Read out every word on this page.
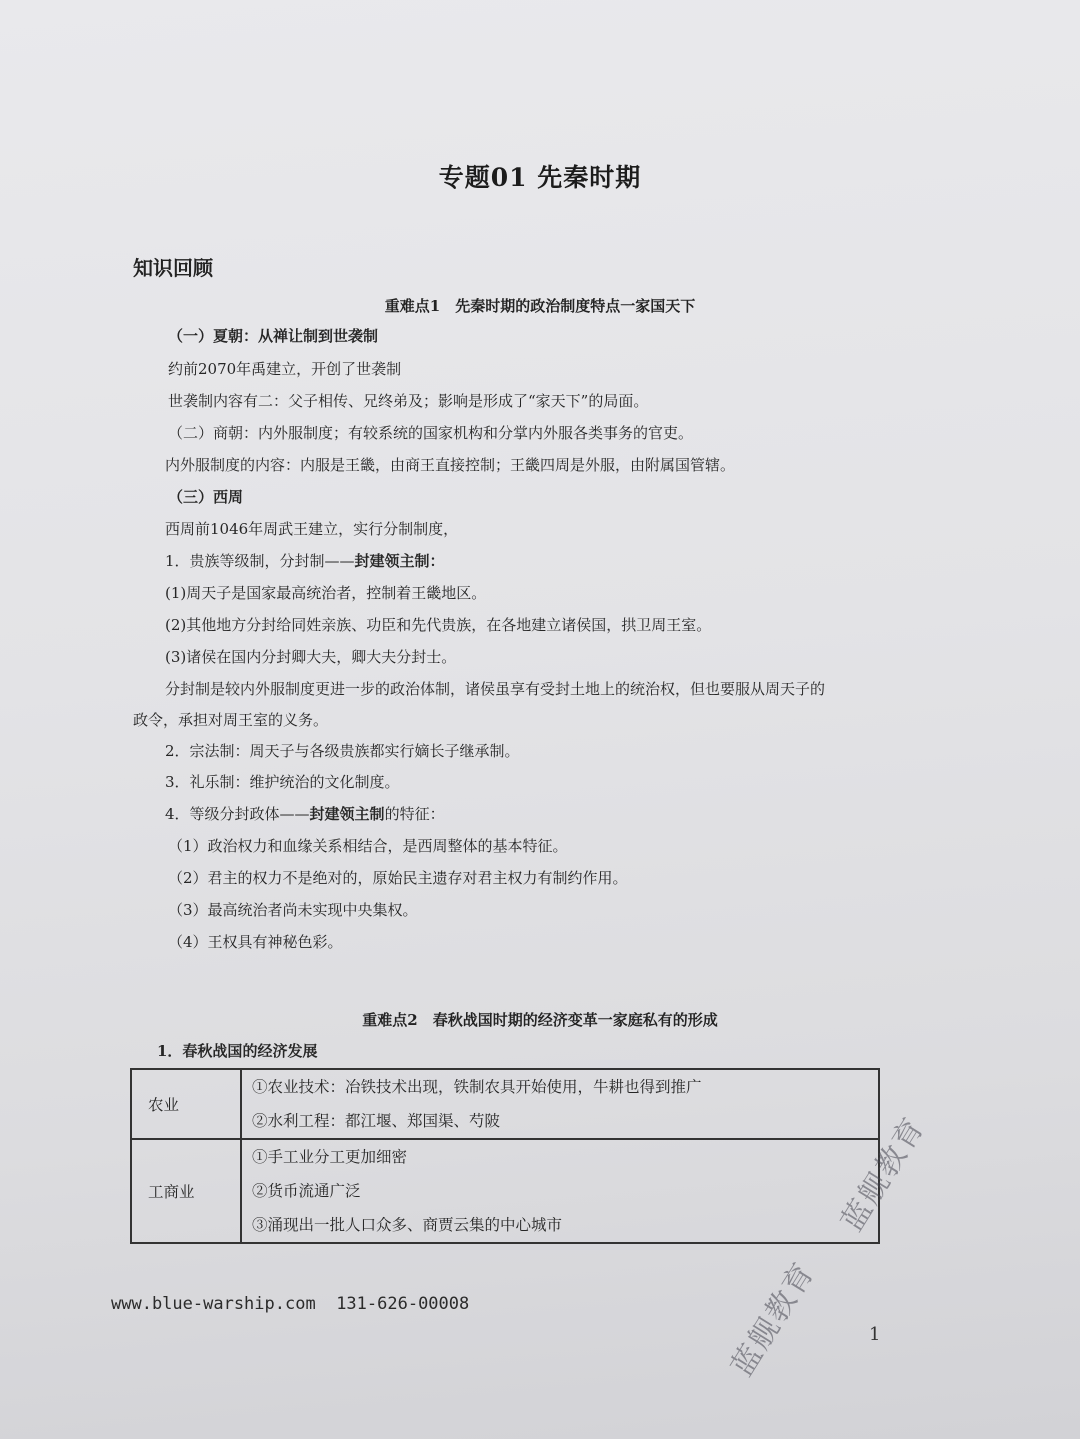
专题01 先秦时期
知识回顾
重难点1　先秦时期的政治制度特点一家国天下
（一）夏朝：从禅让制到世袭制
约前2070年禹建立，开创了世袭制
世袭制内容有二：父子相传、兄终弟及；影响是形成了“家天下”的局面。
（二）商朝：内外服制度；有较系统的国家机构和分掌内外服各类事务的官吏。
内外服制度的内容：内服是王畿，由商王直接控制；王畿四周是外服，由附属国管辖。
（三）西周
西周前1046年周武王建立，实行分制制度，
1．贵族等级制，分封制——封建领主制：
(1)周天子是国家最高统治者，控制着王畿地区。
(2)其他地方分封给同姓亲族、功臣和先代贵族，在各地建立诸侯国，拱卫周王室。
(3)诸侯在国内分封卿大夫，卿大夫分封士。
分封制是较内外服制度更进一步的政治体制，诸侯虽享有受封土地上的统治权，但也要服从周天子的
政令，承担对周王室的义务。
2．宗法制：周天子与各级贵族都实行嫡长子继承制。
3．礼乐制：维护统治的文化制度。
4．等级分封政体——封建领主制的特征：
（1）政治权力和血缘关系相结合，是西周整体的基本特征。
（2）君主的权力不是绝对的，原始民主遗存对君主权力有制约作用。
（3）最高统治者尚未实现中央集权。
（4）王权具有神秘色彩。
重难点2　春秋战国时期的经济变革一家庭私有的形成
1．春秋战国的经济发展
农业	①农业技术：冶铁技术出现，铁制农具开始使用，牛耕也得到推广
②水利工程：都江堰、郑国渠、芍陂

工商业	①手工业分工更加细密
②货币流通广泛
③涌现出一批人口众多、商贾云集的中心城市
www.blue-warship.com 131-626-00008
1
蓝舰教育
蓝舰教育
